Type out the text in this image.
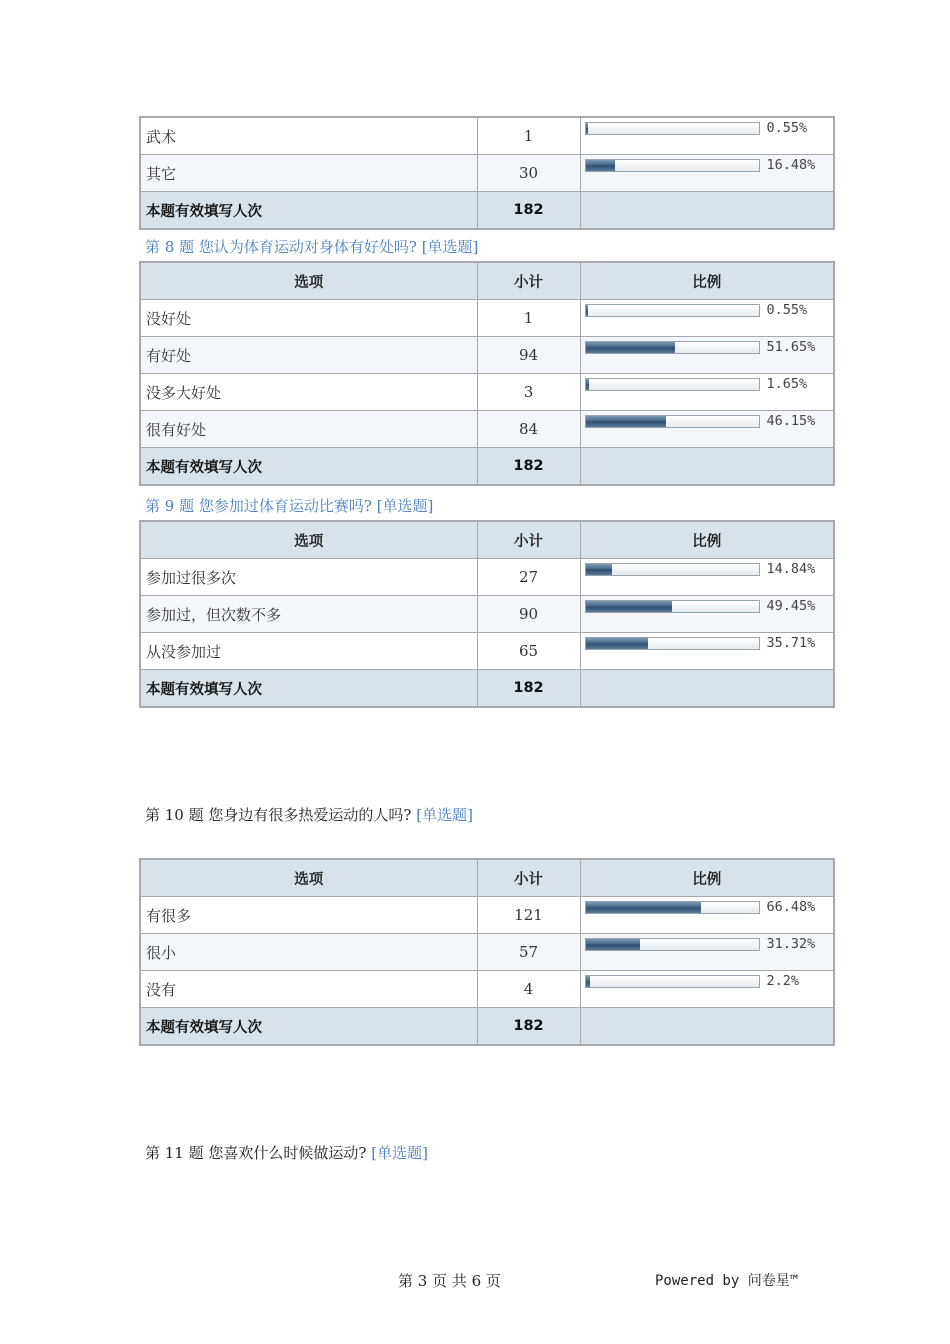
武术	1	0.55%

其它	30	16.48%

本题有效填写人次	182	
第 8 题 您认为体育运动对身体有好处吗? [单选题]
选项	小计	比例
没好处	1	0.55%

有好处	94	51.65%

没多大好处	3	1.65%

很有好处	84	46.15%

本题有效填写人次	182	
第 9 题 您参加过体育运动比赛吗? [单选题]
选项	小计	比例
参加过很多次	27	14.84%

参加过，但次数不多	90	49.45%

从没参加过	65	35.71%

本题有效填写人次	182	
第 10 题 您身边有很多热爱运动的人吗? [单选题]
选项	小计	比例
有很多	121	66.48%

很小	57	31.32%

没有	4	2.2%

本题有效填写人次	182	
第 11 题 您喜欢什么时候做运动? [单选题]
第 3 页 共 6 页	Powered by 问卷星™
